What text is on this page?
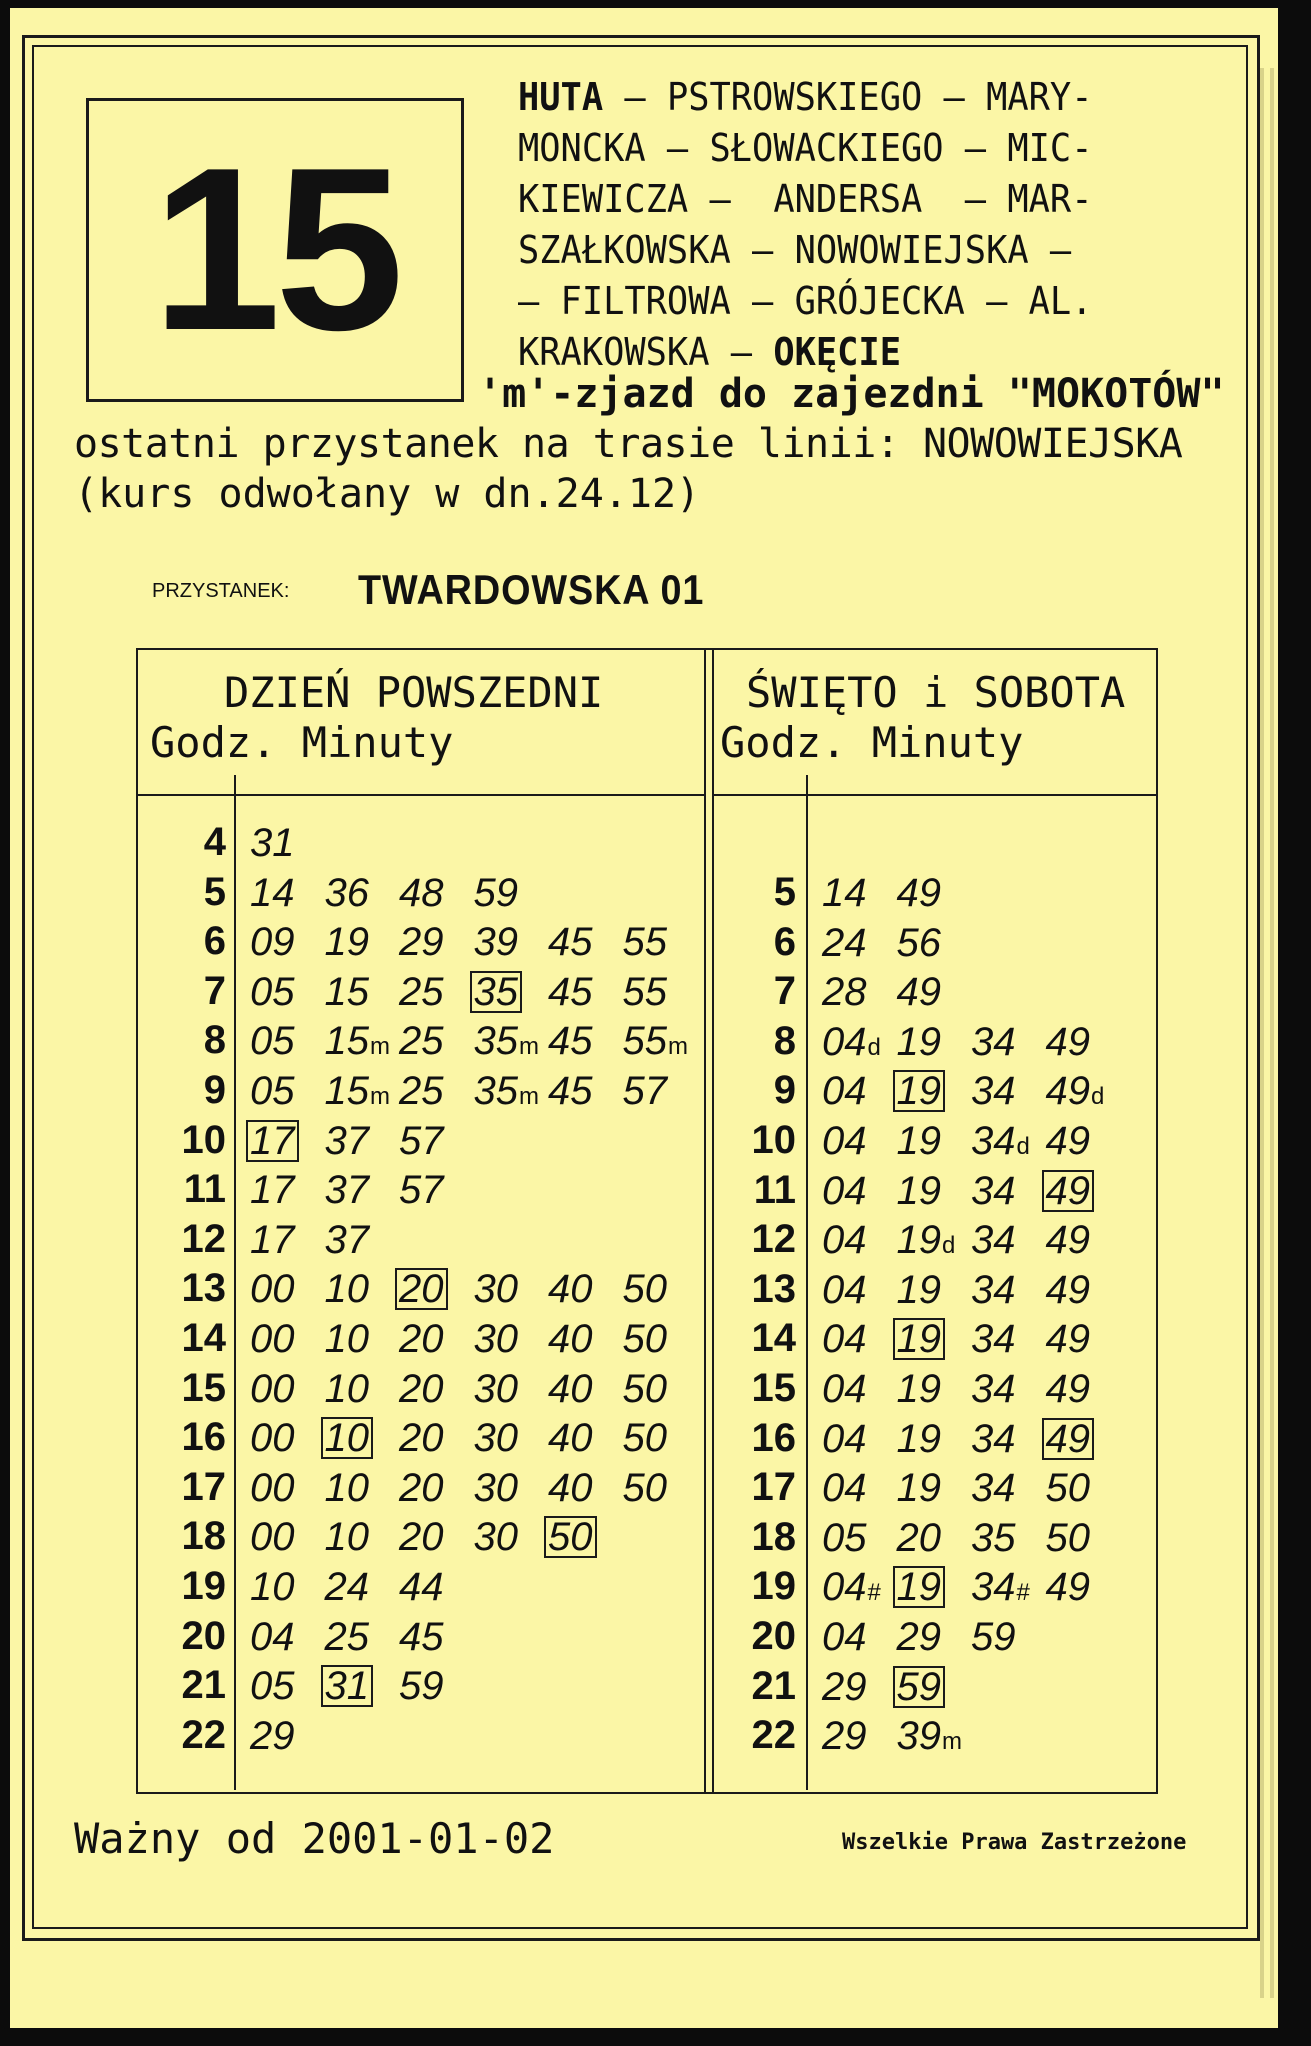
15
HUTA – PSTROWSKIEGO – MARY-
MONCKA – SŁOWACKIEGO – MIC-
KIEWICZA –  ANDERSA  – MAR-
SZAŁKOWSKA – NOWOWIEJSKA –
– FILTROWA – GRÓJECKA – AL.
KRAKOWSKA – OKĘCIE
'm'-zjazd do zajezdni "MOKOTÓW"
ostatni przystanek na trasie linii: NOWOWIEJSKA
(kurs odwołany w dn.24.12)
PRZYSTANEK: TWARDOWSKA 01
DZIEŃ POWSZEDNI
Godz. Minuty
ŚWIĘTO i SOBOTA
Godz. Minuty
4 31
5 14 36 48 59
6 09 19 29 39 45 55
7 05 15 25 35 45 55
8 05 15m 25 35m 45 55m
9 05 15m 25 35m 45 57
10 17 37 57
11 17 37 57
12 17 37
13 00 10 20 30 40 50
14 00 10 20 30 40 50
15 00 10 20 30 40 50
16 00 10 20 30 40 50
17 00 10 20 30 40 50
18 00 10 20 30 50
19 10 24 44
20 04 25 45
21 05 31 59
22 29
5 14 49
6 24 56
7 28 49
8 04d 19 34 49
9 04 19 34 49d
10 04 19 34d 49
11 04 19 34 49
12 04 19d 34 49
13 04 19 34 49
14 04 19 34 49
15 04 19 34 49
16 04 19 34 49
17 04 19 34 50
18 05 20 35 50
19 04# 19 34# 49
20 04 29 59
21 29 59
22 29 39m
Ważny od 2001-01-02	Wszelkie Prawa Zastrzeżone
